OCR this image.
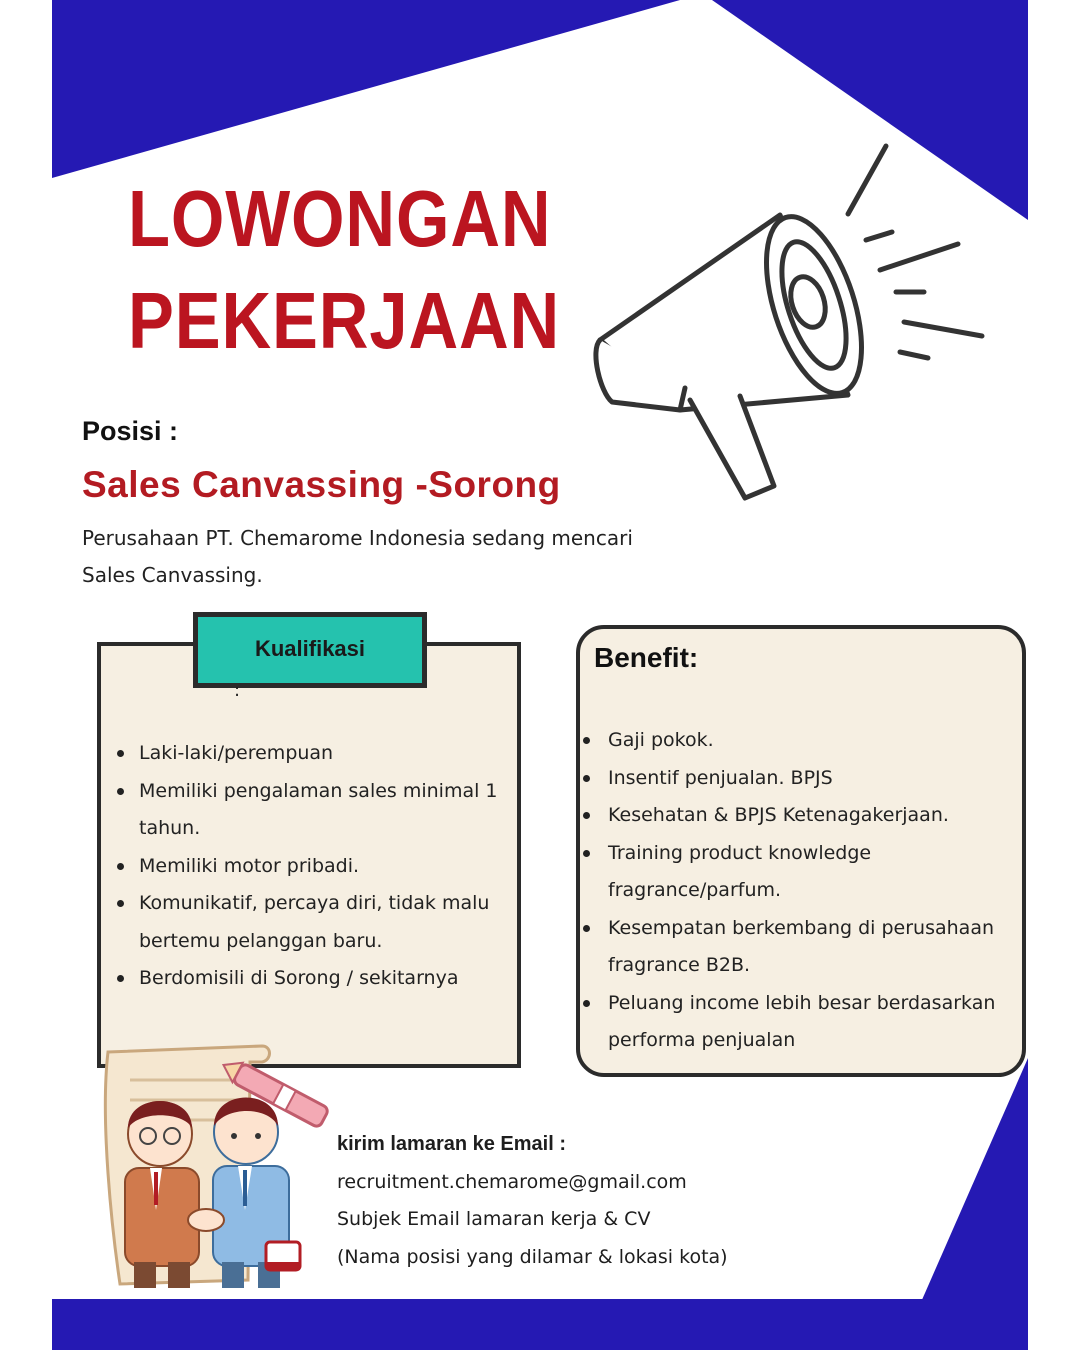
LOWONGAN
PEKERJAAN
Posisi :
Sales Canvassing -Sorong
Perusahaan PT. Chemarome Indonesia sedang mencari
Sales Canvassing.
Kualifikasi
:
Laki-laki/perempuan
Memiliki pengalaman sales minimal 1 tahun.
Memiliki motor pribadi.
Komunikatif, percaya diri, tidak malu bertemu pelanggan baru.
Berdomisili di Sorong / sekitarnya
Benefit:
Gaji pokok.
Insentif penjualan. BPJS
Kesehatan & BPJS Ketenagakerjaan.
Training product knowledge fragrance/parfum.
Kesempatan berkembang di perusahaan fragrance B2B.
Peluang income lebih besar berdasarkan performa penjualan
kirim lamaran ke Email :
recruitment.chemarome@gmail.com
Subjek Email lamaran kerja & CV
(Nama posisi yang dilamar & lokasi kota)
